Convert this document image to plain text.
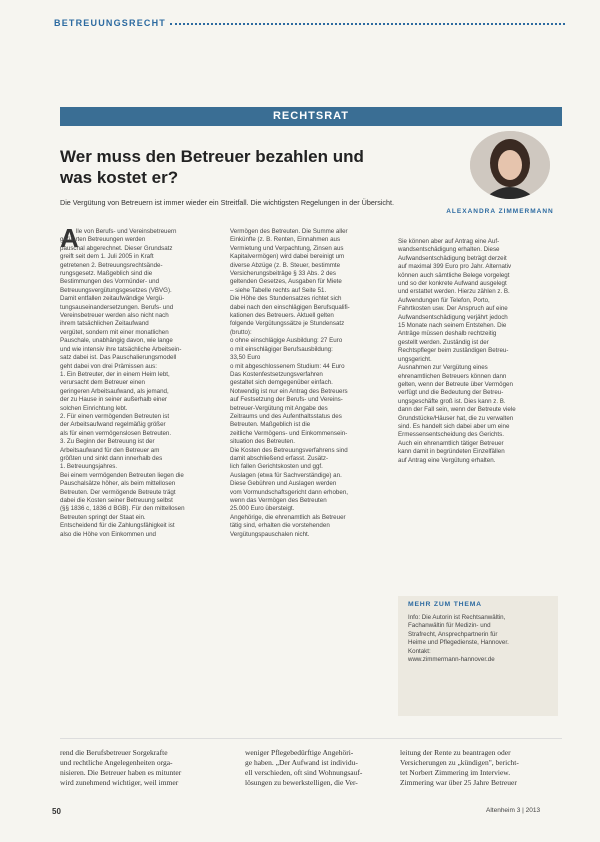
BETREUUNGSRECHT
RECHTSRAT
ALEXANDRA ZIMMERMANN
Wer muss den Betreuer bezahlen und was kostet er?
Die Vergütung von Betreuern ist immer wieder ein Streitfall. Die wichtigsten Regelungen in der Übersicht.
A
lle von Berufs- und Vereinsbetreuern
geführten Betreuungen werden
pauschal abgerechnet. Dieser Grundsatz
greift seit dem 1. Juli 2005 in Kraft
getretenen 2. Betreuungsrechtsände-
rungsgesetz. Maßgeblich sind die
Bestimmungen des Vormünder- und
Betreuungsvergütungsgesetzes (VBVG).
Damit entfallen zeitaufwändige Vergü-
tungsauseinandersetzungen. Berufs- und
Vereinsbetreuer werden also nicht nach
ihrem tatsächlichen Zeitaufwand
vergütet, sondern mit einer monatlichen
Pauschale, unabhängig davon, wie lange
und wie intensiv ihre tatsächliche Arbeitsein-
satz dabei ist. Das Pauschalierungsmodell
geht dabei von drei Prämissen aus:
1. Ein Betreuter, der in einem Heim lebt,
verursacht dem Betreuer einen
geringeren Arbeitsaufwand, als jemand,
der zu Hause in seiner außerhalb einer
solchen Einrichtung lebt.
2. Für einen vermögenden Betreuten ist
der Arbeitsaufwand regelmäßig größer
als für einen vermögenslosen Betreuten.
3. Zu Beginn der Betreuung ist der
Arbeitsaufwand für den Betreuer am
größten und sinkt dann innerhalb des
1. Betreuungsjahres.
Bei einem vermögenden Betreuten liegen die
Pauschalsätze höher, als beim mittellosen
Betreuten. Der vermögende Betreute trägt
dabei die Kosten seiner Betreuung selbst
(§§ 1836 c, 1836 d BGB). Für den mittellosen
Betreuten springt der Staat ein.
Entscheidend für die Zahlungsfähigkeit ist
also die Höhe von Einkommen und
Vermögen des Betreuten. Die Summe aller
Einkünfte (z. B. Renten, Einnahmen aus
Vermietung und Verpachtung, Zinsen aus
Kapitalvermögen) wird dabei bereinigt um
diverse Abzüge (z. B. Steuer, bestimmte
Versicherungsbeiträge § 33 Abs. 2 des
geltenden Gesetzes, Ausgaben für Miete
– siehe Tabelle rechts auf Seite 51.
Die Höhe des Stundensatzes richtet sich
dabei nach den einschlägigen Berufsqualifi-
kationen des Betreuers. Aktuell gelten
folgende Vergütungssätze je Stundensatz
(brutto):
o ohne einschlägige Ausbildung: 27 Euro
o mit einschlägiger Berufsausbildung:
33,50 Euro
o mit abgeschlossenem Studium: 44 Euro
Das Kostenfestsetzungsverfahren
gestaltet sich demgegenüber einfach.
Notwendig ist nur ein Antrag des Betreuers
auf Festsetzung der Berufs- und Vereins-
betreuer-Vergütung mit Angabe des
Zeitraums und des Aufenthaltsstatus des
Betreuten. Maßgeblich ist die
zeitliche Vermögens- und Einkommensein-
situation des Betreuten.
Die Kosten des Betreuungsverfahrens sind
damit abschließend erfasst. Zusätz-
lich fallen Gerichtskosten und ggf.
Auslagen (etwa für Sachverständige) an.
Diese Gebühren und Auslagen werden
vom Vormundschaftsgericht dann erhoben,
wenn das Vermögen des Betreuten
25.000 Euro übersteigt.
Angehörige, die ehrenamtlich als Betreuer
tätig sind, erhalten die vorstehenden
Vergütungspauschalen nicht.
Sie können aber auf Antrag eine Auf-
wandsentschädigung erhalten. Diese
Aufwandsentschädigung beträgt derzeit
auf maximal 399 Euro pro Jahr. Alternativ
können auch sämtliche Belege vorgelegt
und so der konkrete Aufwand ausgelegt
und erstattet werden. Hierzu zählen z. B.
Aufwendungen für Telefon, Porto,
Fahrtkosten usw. Der Anspruch auf eine
Aufwandsentschädigung verjährt jedoch
15 Monate nach seinem Entstehen. Die
Anträge müssen deshalb rechtzeitig
gestellt werden. Zuständig ist der
Rechtspfleger beim zuständigen Betreu-
ungsgericht.
Ausnahmen zur Vergütung eines
ehrenamtlichen Betreuers können dann
gelten, wenn der Betreute über Vermögen
verfügt und die Bedeutung der Betreu-
ungsgeschäfte groß ist. Dies kann z. B.
dann der Fall sein, wenn der Betreute viele
Grundstücke/Häuser hat, die zu verwalten
sind. Es handelt sich dabei aber um eine
Ermessensentscheidung des Gerichts.
Auch ein ehrenamtlich tätiger Betreuer
kann damit in begründeten Einzelfällen
auf Antrag eine Vergütung erhalten.
MEHR ZUM THEMA
Info: Die Autorin ist Rechtsanwältin,
Fachanwältin für Medizin- und
Strafrecht, Ansprechpartnerin für
Heime und Pflegedienste, Hannover.
Kontakt:
www.zimmermann-hannover.de
rend die Berufsbetreuer Sorgekrafte
und rechtliche Angelegenheiten orga-
nisieren. Die Betreuer haben es mitunter
wird zunehmend wichtiger, weil immer
weniger Pflegebedürftige Angehöri-
ge haben. „Der Aufwand ist individu-
ell verschieden, oft sind Wohnungsauf-
lösungen zu bewerkstelligen, die Ver-
leitung der Rente zu beantragen oder
Versicherungen zu „kündigen", bericht-
tet Norbert Zimmering im Interview.
Zimmering war über 25 Jahre Betreuer
50	Altenheim 3 | 2013
